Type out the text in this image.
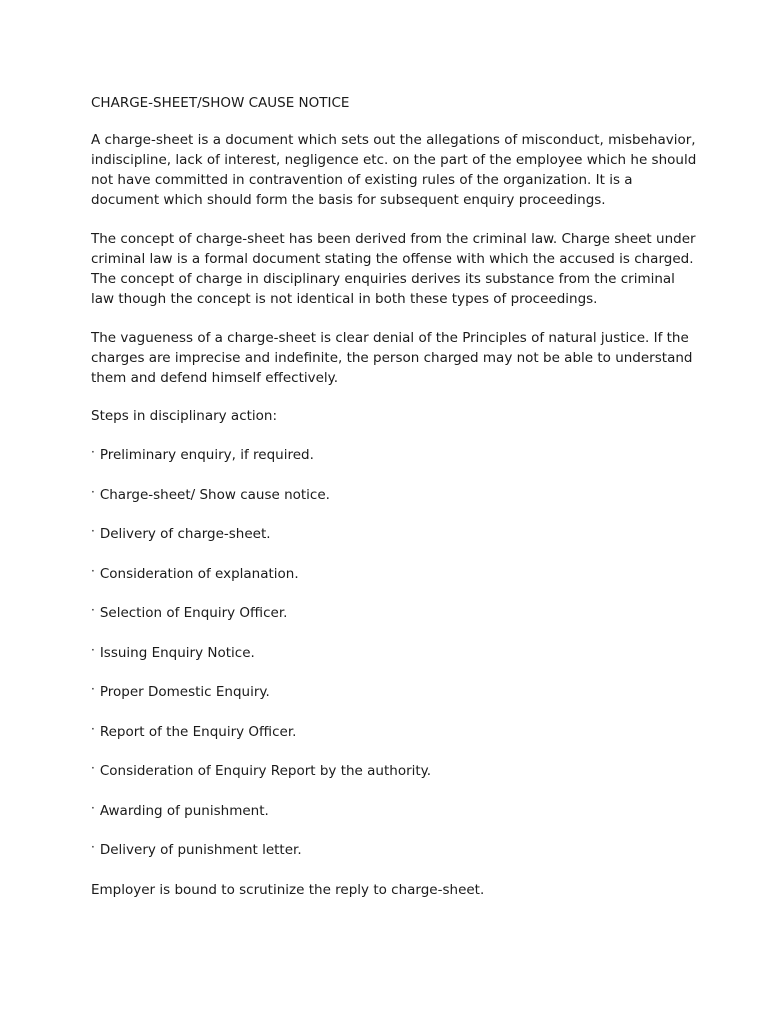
CHARGE-SHEET/SHOW CAUSE NOTICE

A charge-sheet is a document which sets out the allegations of misconduct, misbehavior, indiscipline, lack of interest, negligence etc. on the part of the employee which he should not have committed in contravention of existing rules of the organization. It is a document which should form the basis for subsequent enquiry proceedings.

The concept of charge-sheet has been derived from the criminal law. Charge sheet under criminal law is a formal document stating the offense with which the accused is charged. The concept of charge in disciplinary enquiries derives its substance from the criminal law though the concept is not identical in both these types of proceedings.

The vagueness of a charge-sheet is clear denial of the Principles of natural justice. If the charges are imprecise and indefinite, the person charged may not be able to understand them and defend himself effectively.

Steps in disciplinary action:
· Preliminary enquiry, if required.
· Charge-sheet/ Show cause notice.
· Delivery of charge-sheet.
· Consideration of explanation.
· Selection of Enquiry Officer.
· Issuing Enquiry Notice.
· Proper Domestic Enquiry.
· Report of the Enquiry Officer.
· Consideration of Enquiry Report by the authority.
· Awarding of punishment.
· Delivery of punishment letter.

Employer is bound to scrutinize the reply to charge-sheet.
